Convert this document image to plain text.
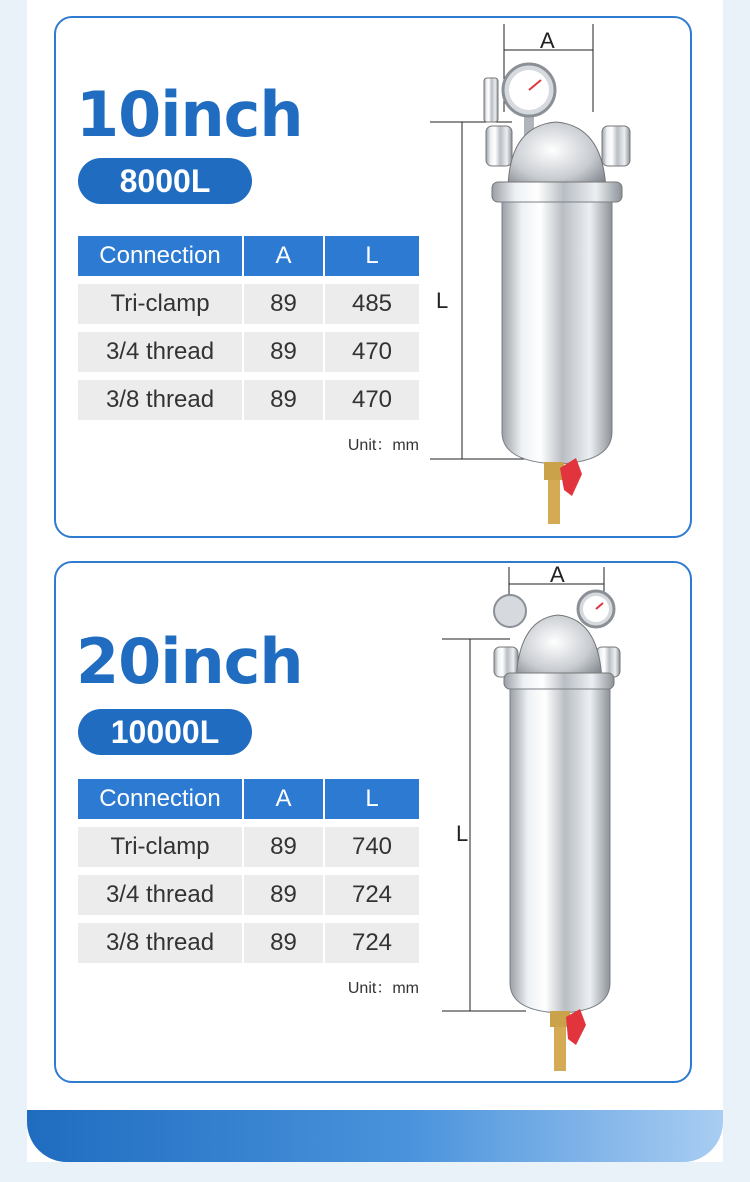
10inch
8000L
Connection	A	L
Tri-clamp	89	485
3/4 thread	89	470
3/8 thread	89	470
Unit：mm
A
L
20inch
10000L
Connection	A	L
Tri-clamp	89	740
3/4 thread	89	724
3/8 thread	89	724
Unit：mm
A
L
